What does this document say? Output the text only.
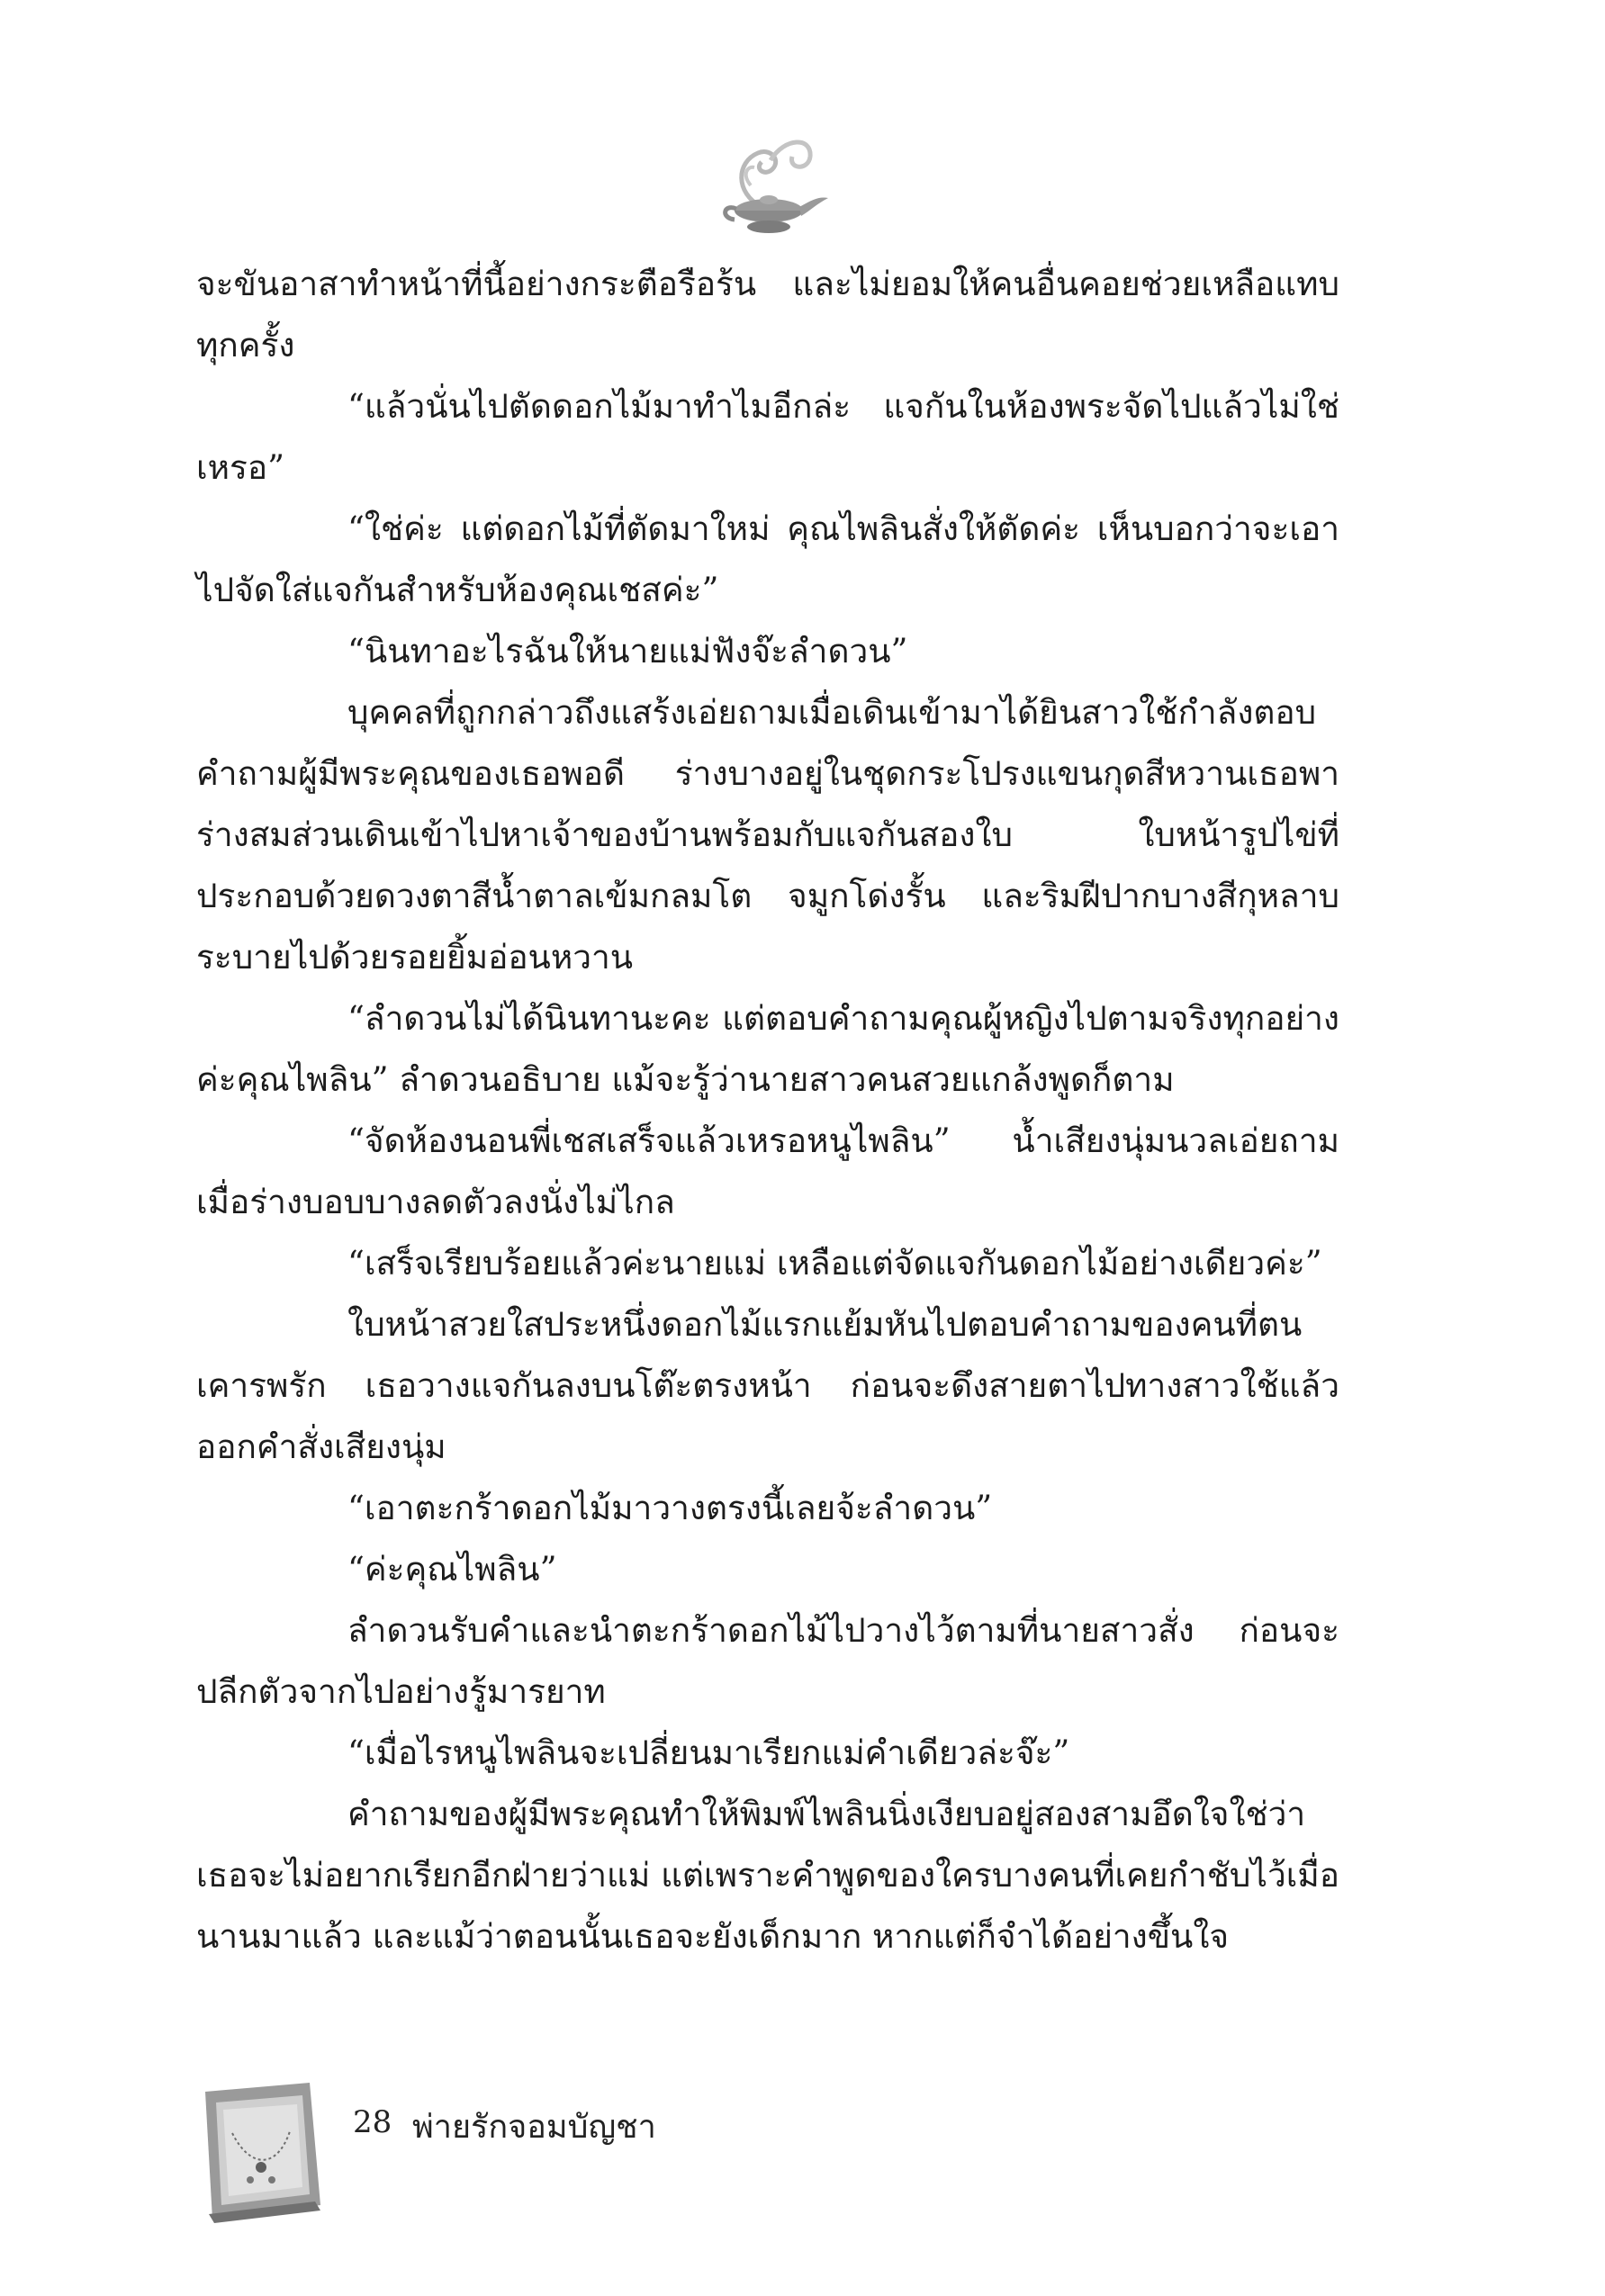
จะขันอาสาทำหน้าที่นี้อย่างกระตือรือร้น และไม่ยอมให้คนอื่นคอยช่วยเหลือแทบทุกครั้ง

“แล้วนั่นไปตัดดอกไม้มาทำไมอีกล่ะ แจกันในห้องพระจัดไปแล้วไม่ใช่เหรอ”

“ใช่ค่ะ แต่ดอกไม้ที่ตัดมาใหม่ คุณไพลินสั่งให้ตัดค่ะ เห็นบอกว่าจะเอาไปจัดใส่แจกันสำหรับห้องคุณเชสค่ะ”

“นินทาอะไรฉันให้นายแม่ฟังจ๊ะลำดวน”

บุคคลที่ถูกกล่าวถึงแสร้งเอ่ยถามเมื่อเดินเข้ามาได้ยินสาวใช้กำลังตอบคำถามผู้มีพระคุณของเธอพอดี ร่างบางอยู่ในชุดกระโปรงแขนกุดสีหวานเธอพาร่างสมส่วนเดินเข้าไปหาเจ้าของบ้านพร้อมกับแจกันสองใบ ใบหน้ารูปไข่ที่ประกอบด้วยดวงตาสีน้ำตาลเข้มกลมโต จมูกโด่งรั้น และริมฝีปากบางสีกุหลาบระบายไปด้วยรอยยิ้มอ่อนหวาน

“ลำดวนไม่ได้นินทานะคะ แต่ตอบคำถามคุณผู้หญิงไปตามจริงทุกอย่างค่ะคุณไพลิน” ลำดวนอธิบาย แม้จะรู้ว่านายสาวคนสวยแกล้งพูดก็ตาม

“จัดห้องนอนพี่เชสเสร็จแล้วเหรอหนูไพลิน” น้ำเสียงนุ่มนวลเอ่ยถามเมื่อร่างบอบบางลดตัวลงนั่งไม่ไกล

“เสร็จเรียบร้อยแล้วค่ะนายแม่ เหลือแต่จัดแจกันดอกไม้อย่างเดียวค่ะ”

ใบหน้าสวยใสประหนึ่งดอกไม้แรกแย้มหันไปตอบคำถามของคนที่ตนเคารพรัก เธอวางแจกันลงบนโต๊ะตรงหน้า ก่อนจะดึงสายตาไปทางสาวใช้แล้วออกคำสั่งเสียงนุ่ม

“เอาตะกร้าดอกไม้มาวางตรงนี้เลยจ้ะลำดวน”

“ค่ะคุณไพลิน”

ลำดวนรับคำและนำตะกร้าดอกไม้ไปวางไว้ตามที่นายสาวสั่ง ก่อนจะปลีกตัวจากไปอย่างรู้มารยาท

“เมื่อไรหนูไพลินจะเปลี่ยนมาเรียกแม่คำเดียวล่ะจ๊ะ”

คำถามของผู้มีพระคุณทำให้พิมพ์ไพลินนิ่งเงียบอยู่สองสามอึดใจใช่ว่าเธอจะไม่อยากเรียกอีกฝ่ายว่าแม่ แต่เพราะคำพูดของใครบางคนที่เคยกำชับไว้เมื่อนานมาแล้ว และแม้ว่าตอนนั้นเธอจะยังเด็กมาก หากแต่ก็จำได้อย่างขึ้นใจ

28 พ่ายรักจอมบัญชา
